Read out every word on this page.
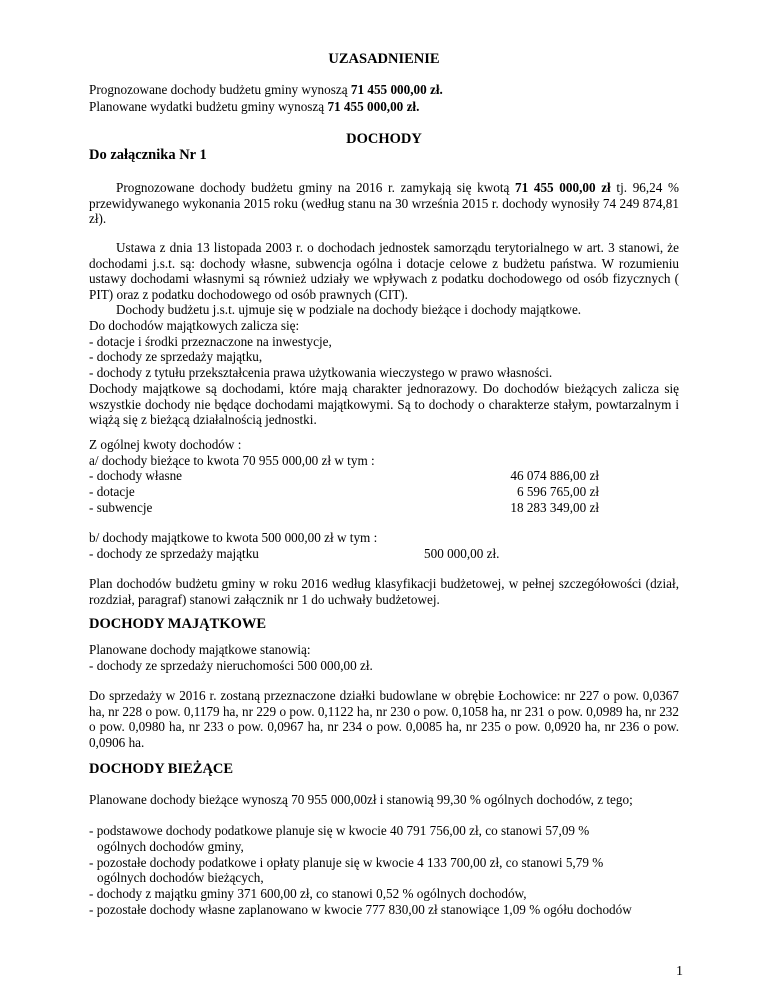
UZASADNIENIE
Prognozowane dochody budżetu gminy wynoszą 71 455 000,00 zł.
Planowane wydatki budżetu gminy wynoszą 71 455 000,00 zł.
DOCHODY
Do załącznika Nr 1
Prognozowane dochody budżetu gminy na 2016 r. zamykają się kwotą 71 455 000,00 zł tj. 96,24 % przewidywanego wykonania 2015 roku (według stanu na 30 września 2015 r. dochody wynosiły 74 249 874,81 zł).
Ustawa z dnia 13 listopada 2003 r. o dochodach jednostek samorządu terytorialnego w art. 3 stanowi, że dochodami j.s.t. są: dochody własne, subwencja ogólna i dotacje celowe z budżetu państwa. W rozumieniu ustawy dochodami własnymi są również udziały we wpływach z podatku dochodowego od osób fizycznych ( PIT) oraz z podatku dochodowego od osób prawnych (CIT).
Dochody budżetu j.s.t. ujmuje się w podziale na dochody bieżące i dochody majątkowe.
Do dochodów majątkowych zalicza się:
- dotacje i środki przeznaczone na inwestycje,
- dochody ze sprzedaży majątku,
- dochody z tytułu przekształcenia prawa użytkowania wieczystego w prawo własności.
Dochody majątkowe są dochodami, które mają charakter jednorazowy. Do dochodów bieżących zalicza się wszystkie dochody nie będące dochodami majątkowymi. Są to dochody o charakterze stałym, powtarzalnym i wiążą się z bieżącą działalnością jednostki.
Z ogólnej kwoty dochodów :
a/ dochody bieżące to kwota 70 955 000,00 zł w tym :
- dochody własne	46 074 886,00 zł
- dotacje	6 596 765,00 zł
- subwencje	18 283 349,00 zł
b/ dochody majątkowe to kwota 500 000,00 zł w tym :
- dochody ze sprzedaży majątku	500 000,00 zł.
Plan dochodów budżetu gminy w roku 2016 według klasyfikacji budżetowej, w pełnej szczegółowości (dział, rozdział, paragraf) stanowi załącznik nr 1 do uchwały budżetowej.
DOCHODY MAJĄTKOWE
Planowane dochody majątkowe stanowią:
- dochody ze sprzedaży nieruchomości 500 000,00 zł.
Do sprzedaży w 2016 r. zostaną przeznaczone działki budowlane w obrębie Łochowice: nr 227 o pow. 0,0367 ha, nr 228 o pow. 0,1179 ha, nr 229 o pow. 0,1122 ha, nr 230 o pow. 0,1058 ha, nr 231 o pow. 0,0989 ha, nr 232 o pow. 0,0980 ha, nr 233 o pow. 0,0967 ha, nr 234 o pow. 0,0085 ha, nr 235 o pow. 0,0920 ha, nr 236 o pow. 0,0906 ha.
DOCHODY BIEŻĄCE
Planowane dochody bieżące wynoszą 70 955 000,00zł i stanowią 99,30 % ogólnych dochodów, z tego;
- podstawowe dochody podatkowe planuje się w kwocie 40 791 756,00 zł, co stanowi 57,09 %
ogólnych dochodów gminy,
- pozostałe dochody podatkowe i opłaty planuje się w kwocie 4 133 700,00 zł, co stanowi 5,79 %
ogólnych dochodów bieżących,
- dochody z majątku gminy 371 600,00 zł, co stanowi 0,52 % ogólnych dochodów,
- pozostałe dochody własne zaplanowano w kwocie 777 830,00 zł stanowiące 1,09 % ogółu dochodów
1
